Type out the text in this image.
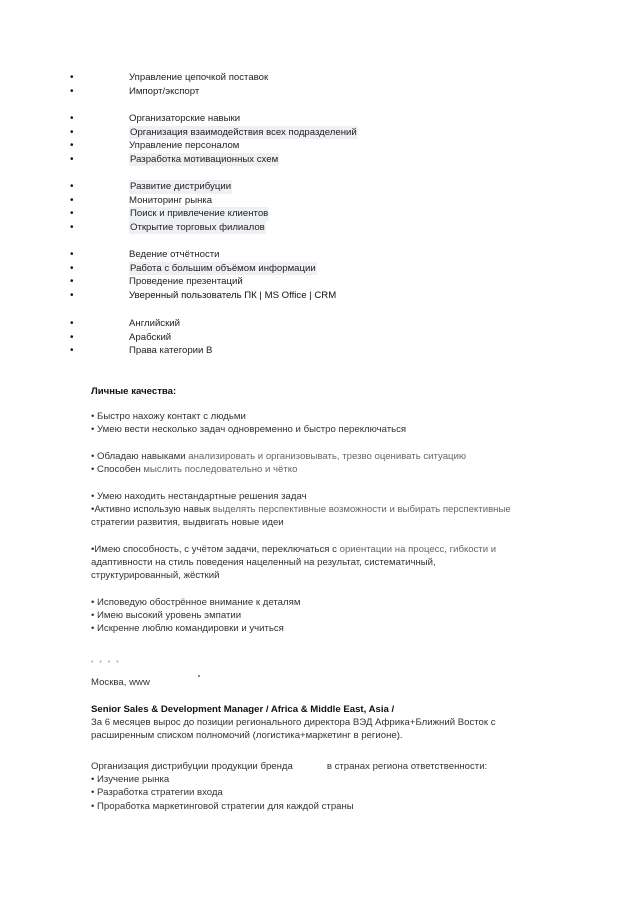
•	Управление цепочкой поставок
•	Импорт/экспорт
•	Организаторские навыки
•	Организация взаимодействия всех подразделений
•	Управление персоналом
•	Разработка мотивационных схем
•	Развитие дистрибуции
•	Мониторинг рынка
•	Поиск и привлечение клиентов
•	Открытие торговых филиалов
•	Ведение отчётности
•	Работа с большим объёмом информации
•	Проведение презентаций
•	Уверенный пользователь ПК | MS Office | CRM
•	Английский
•	Арабский
•	Права категории B
Личные качества:
• Быстро нахожу контакт с людьми
• Умею вести несколько задач одновременно и быстро переключаться
• Обладаю навыками анализировать и организовывать, трезво оценивать ситуацию
• Способен мыслить последовательно и чётко
• Умею находить нестандартные решения задач
•Активно использую навык выделять перспективные возможности и выбирать перспективные
стратегии развития, выдвигать новые идеи
•Имею способность, с учётом задачи, переключаться с ориентации на процесс, гибкости и
адаптивности на стиль поведения нацеленный на результат, систематичный,
структурированный, жёсткий
• Исповедую обострённое внимание к деталям
• Имею высокий уровень эмпатии
• Искренне люблю командировки и учиться
• • • •
Москва, www
Senior Sales & Development Manager / Africa & Middle East, Asia /
За 6 месяцев вырос до позиции регионального директора ВЭД Африка+Ближний Восток с
расширенным списком полномочий (логистика+маркетинг в регионе).
Организация дистрибуции продукции бренда	в странах региона ответственности:
• Изучение рынка
• Разработка стратегии входа
• Проработка маркетинговой стратегии для каждой страны
